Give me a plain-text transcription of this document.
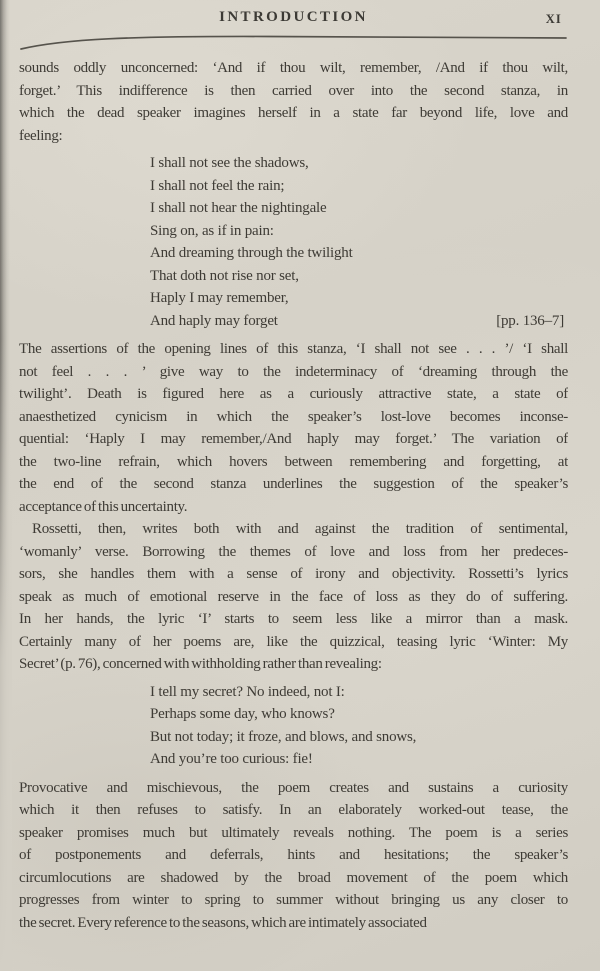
INTRODUCTION	XI
sounds oddly unconcerned: ‘And if thou wilt, remember, /And if thou wilt,
forget.’ This indifference is then carried over into the second stanza, in
which the dead speaker imagines herself in a state far beyond life, love and
feeling:
I shall not see the shadows,
I shall not feel the rain;
I shall not hear the nightingale
Sing on, as if in pain:
And dreaming through the twilight
That doth not rise nor set,
Haply I may remember,
And haply may forget	[pp. 136–7]
The assertions of the opening lines of this stanza, ‘I shall not see . . . ’/ ‘I shall
not feel . . . ’ give way to the indeterminacy of ‘dreaming through the
twilight’. Death is figured here as a curiously attractive state, a state of
anaesthetized cynicism in which the speaker’s lost-love becomes inconse-
quential: ‘Haply I may remember,/And haply may forget.’ The variation of
the two-line refrain, which hovers between remembering and forgetting, at
the end of the second stanza underlines the suggestion of the speaker’s
acceptance of this uncertainty.
Rossetti, then, writes both with and against the tradition of sentimental,
‘womanly’ verse. Borrowing the themes of love and loss from her predeces-
sors, she handles them with a sense of irony and objectivity. Rossetti’s lyrics
speak as much of emotional reserve in the face of loss as they do of suffering.
In her hands, the lyric ‘I’ starts to seem less like a mirror than a mask.
Certainly many of her poems are, like the quizzical, teasing lyric ‘Winter: My
Secret’ (p. 76), concerned with withholding rather than revealing:
I tell my secret? No indeed, not I:
Perhaps some day, who knows?
But not today; it froze, and blows, and snows,
And you’re too curious: fie!
Provocative and mischievous, the poem creates and sustains a curiosity
which it then refuses to satisfy. In an elaborately worked-out tease, the
speaker promises much but ultimately reveals nothing. The poem is a series
of postponements and deferrals, hints and hesitations; the speaker’s
circumlocutions are shadowed by the broad movement of the poem which
progresses from winter to spring to summer without bringing us any closer to
the secret. Every reference to the seasons, which are intimately associated
